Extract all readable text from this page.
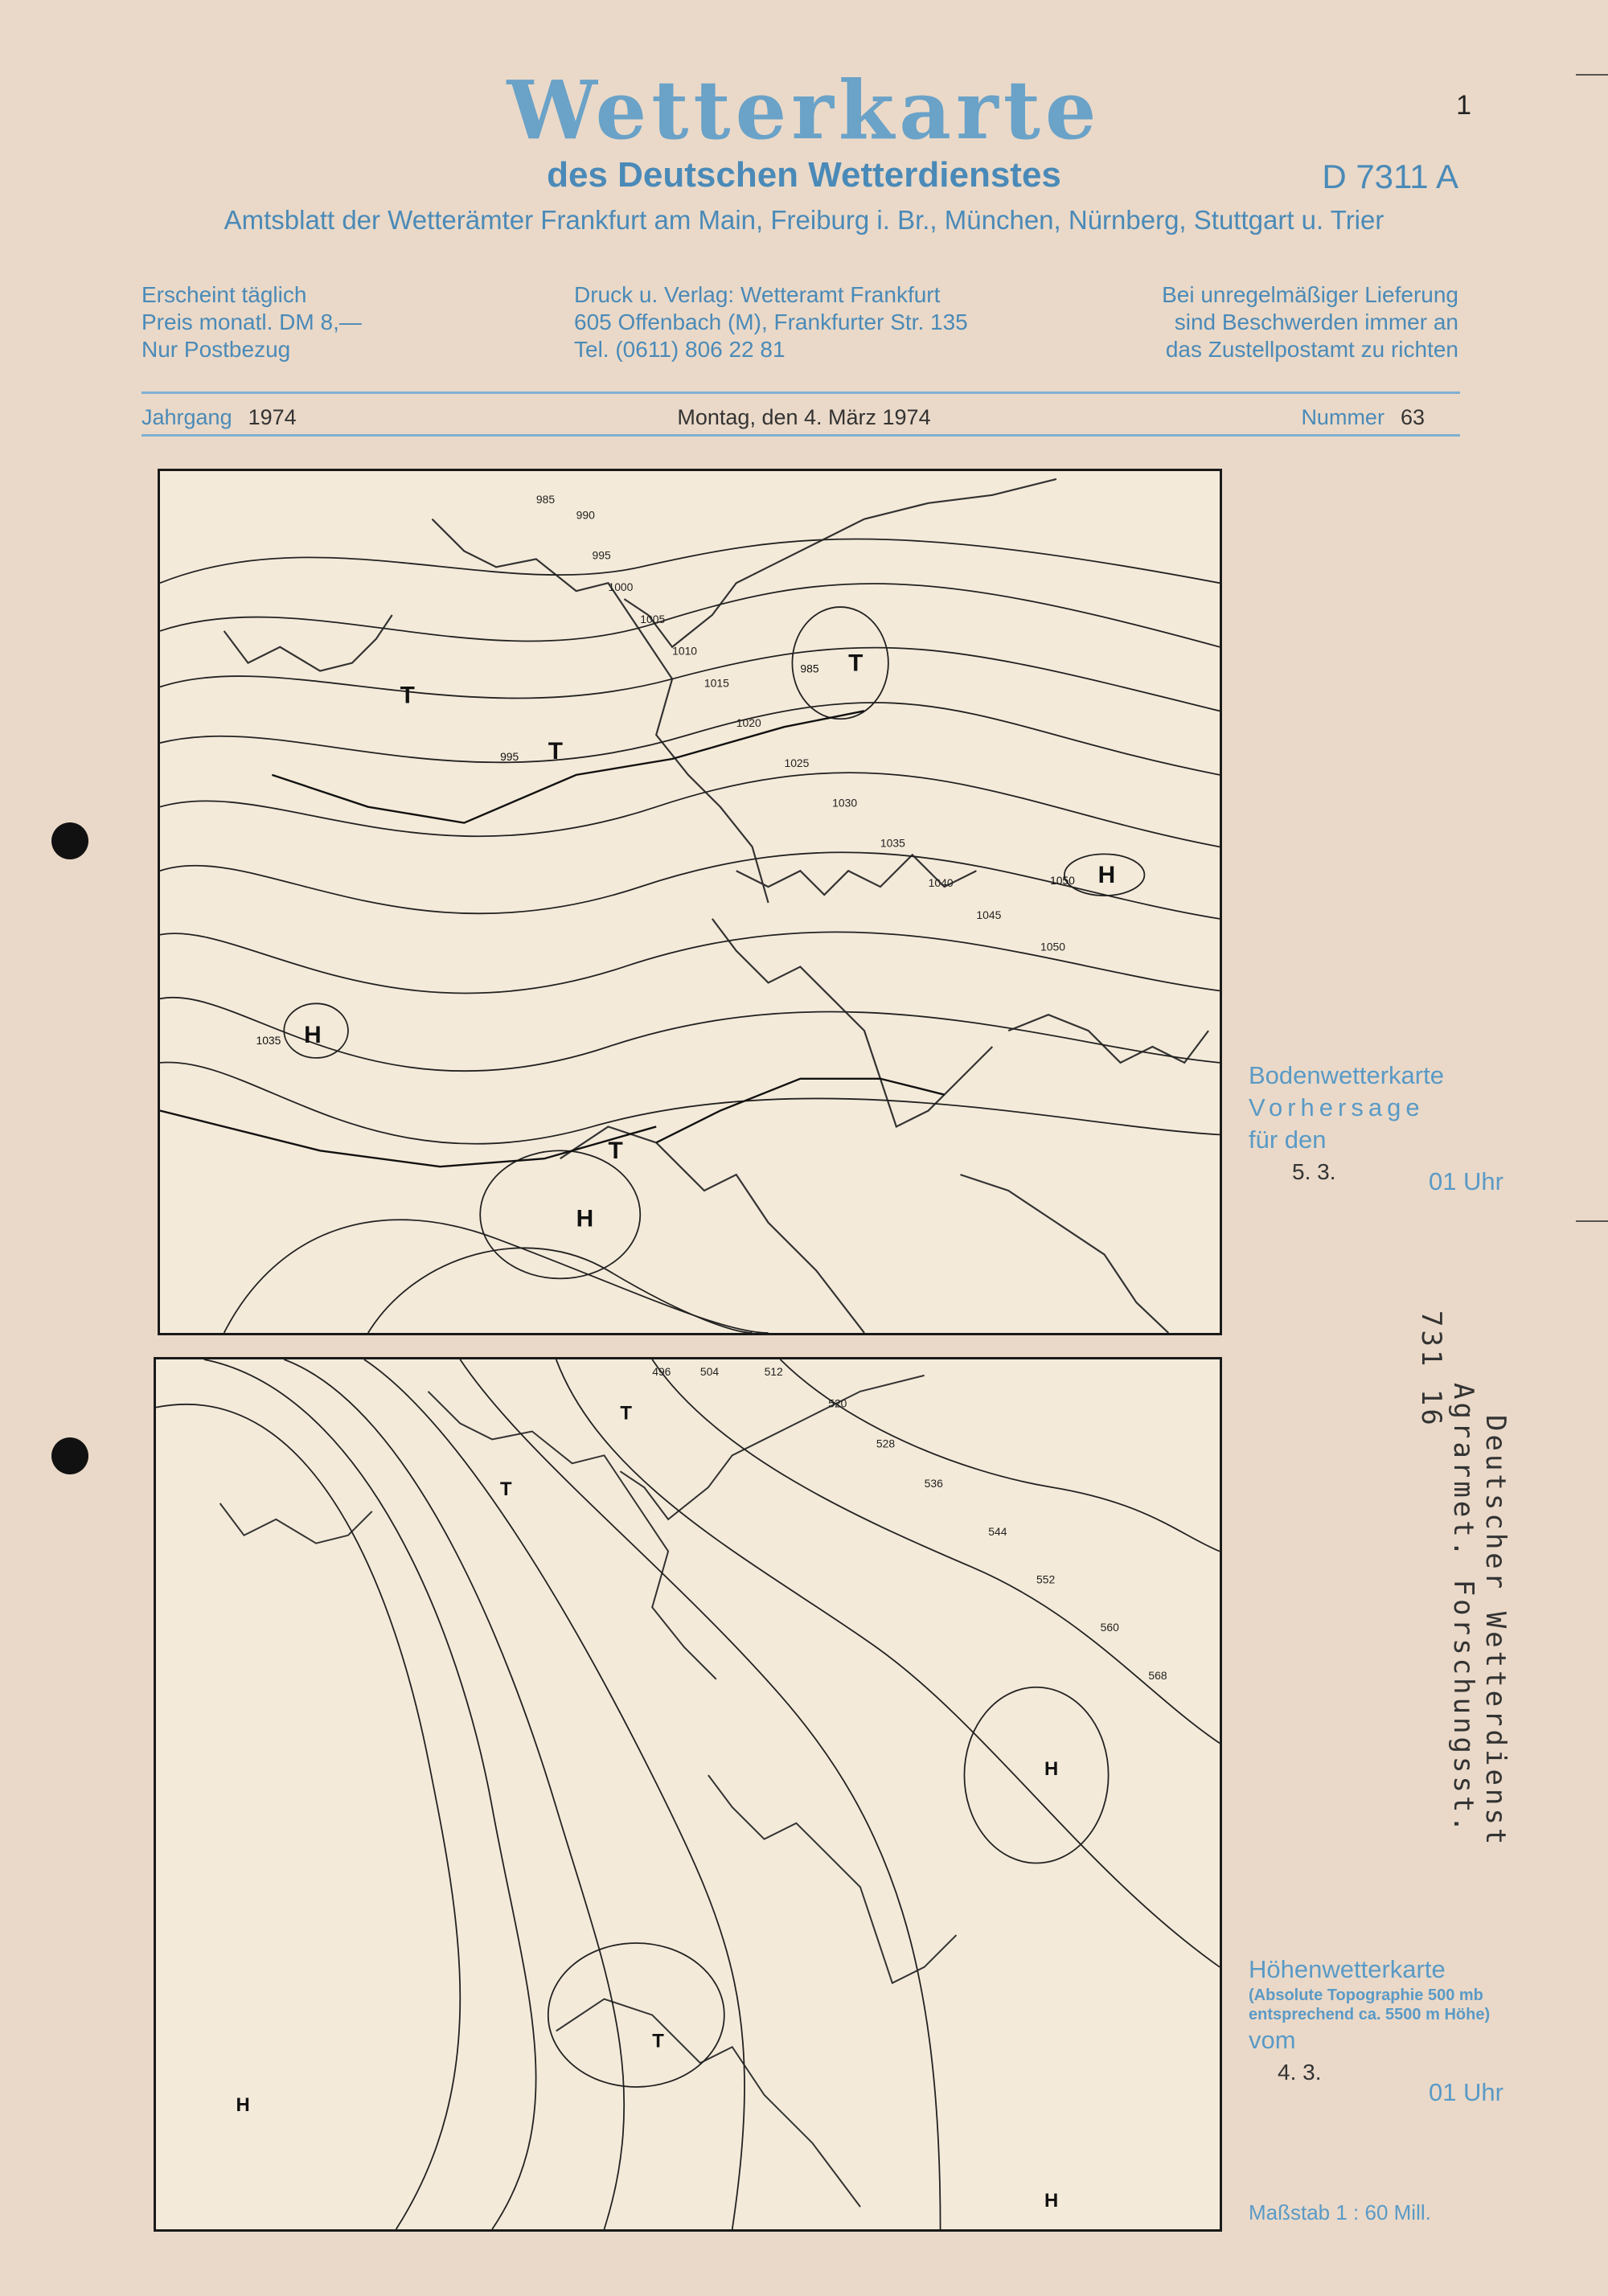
1
Wetterkarte
des Deutschen Wetterdienstes	D 7311 A
Amtsblatt der Wetterämter Frankfurt am Main, Freiburg i. Br., München, Nürnberg, Stuttgart u. Trier
Erscheint täglich
Preis monatl. DM 8,—
Nur Postbezug
Druck u. Verlag: Wetteramt Frankfurt
605 Offenbach (M), Frankfurter Str. 135
Tel. (0611) 806 22 81
Bei unregelmäßiger Lieferung
sind Beschwerden immer an
das Zustellpostamt zu richten
Jahrgang 1974	Montag, den 4. März 1974	Nummer 63
985
990
995
1000
1005
1010
1015
1020
1025
1030
1035
1040
1045
1050
H
1035
H
1050
H
T
985
T
995
T
T
Bodenwetterkarte
Vorhersage
für den
5. 3.	01 Uhr
496	504	512
520
528
536
544
552
560
568
T
T
T
H
H
H
Höhenwetterkarte
(Absolute Topographie 500 mb
entsprechend ca. 5500 m Höhe)
vom
4. 3.
01 Uhr
Maßstab 1 : 60 Mill.
731 16
Agrarmet. Forschungsst. Deutscher Wetterdienst
